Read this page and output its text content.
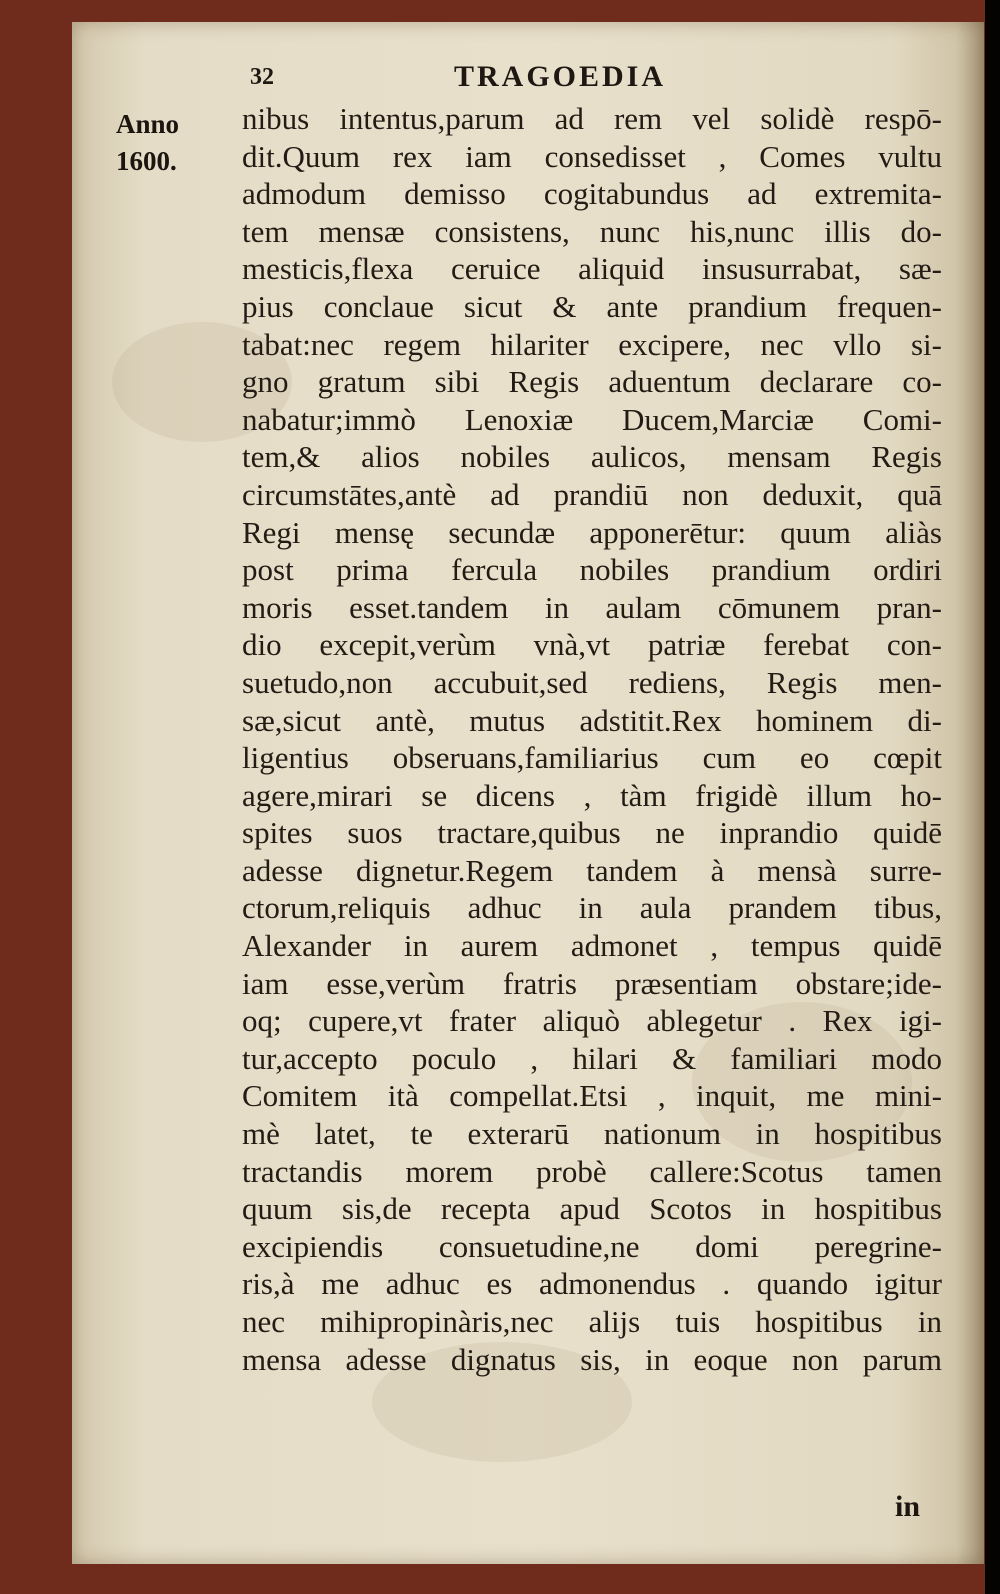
32	TRAGOEDIA
Anno
1600.
nibus intentus,parum ad rem vel solidè respō-
dit.Quum rex iam consedisset , Comes vultu
admodum demisso cogitabundus ad extremita-
tem mensæ consistens, nunc his,nunc illis do-
mesticis,flexa ceruice aliquid insusurrabat, sæ-
pius conclaue sicut & ante prandium frequen-
tabat:nec regem hilariter excipere, nec vllo si-
gno gratum sibi Regis aduentum declarare co-
nabatur;immò Lenoxiæ Ducem,Marciæ Comi-
tem,& alios nobiles aulicos, mensam Regis
circumstātes,antè ad prandiū non deduxit, quā
Regi mensę secundæ apponerētur: quum aliàs
post prima fercula nobiles prandium ordiri
moris esset.tandem in aulam cōmunem pran-
dio excepit,verùm vnà,vt patriæ ferebat con-
suetudo,non accubuit,sed rediens, Regis men-
sæ,sicut antè, mutus adstitit.Rex hominem di-
ligentius obseruans,familiarius cum eo cœpit
agere,mirari se dicens , tàm frigidè illum ho-
spites suos tractare,quibus ne inprandio quidē
adesse dignetur.Regem tandem à mensà surre-
ctorum,reliquis adhuc in aula prandem tibus,
Alexander in aurem admonet , tempus quidē
iam esse,verùm fratris præsentiam obstare;ide-
oq; cupere,vt frater aliquò ablegetur . Rex igi-
tur,accepto poculo , hilari & familiari modo
Comitem ità compellat.Etsi , inquit, me mini-
mè latet, te exterarū nationum in hospitibus
tractandis morem probè callere:Scotus tamen
quum sis,de recepta apud Scotos in hospitibus
excipiendis consuetudine,ne domi peregrine-
ris,à me adhuc es admonendus . quando igitur
nec mihipropinàris,nec alijs tuis hospitibus in
mensa adesse dignatus sis, in eoque non parum
in
